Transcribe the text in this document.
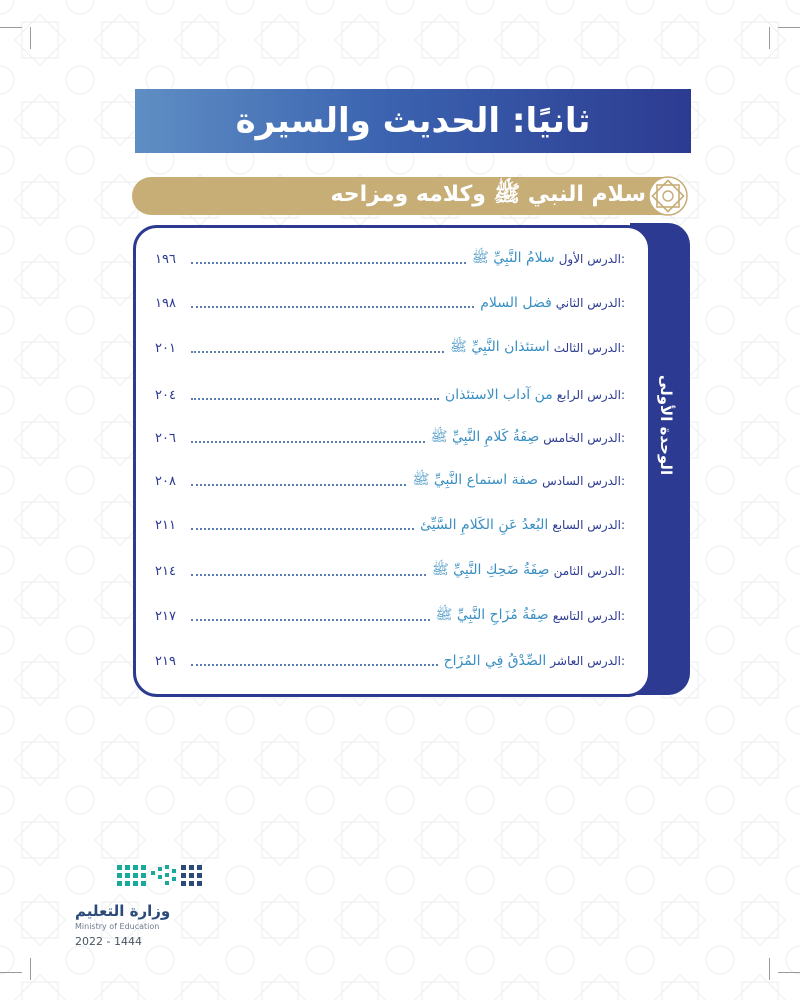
ثانيًا: الحديث والسيرة
سلام النبي ﷺ وكلامه ومزاحه
الوحدة الأولى
الدرس الأول:
سلامُ النَّبِيِّ ﷺ
١٩٦
الدرس الثاني:
فضل السلام
١٩٨
الدرس الثالث:
استئذان النَّبِيِّ ﷺ
٢٠١
الدرس الرابع:
من آداب الاستئذان
٢٠٤
الدرس الخامس:
صِفَةُ كَلامِ النَّبِيِّ ﷺ
٢٠٦
الدرس السادس:
صفة استماع النَّبِيِّ ﷺ
٢٠٨
الدرس السابع:
البُعدُ عَنِ الكَلامِ السَّيِّئ
٢١١
الدرس الثامن:
صِفَةُ ضَحِكِ النَّبِيِّ ﷺ
٢١٤
الدرس التاسع:
صِفَةُ مُزَاحِ النَّبِيِّ ﷺ
٢١٧
الدرس العاشر:
الصِّدْقُ فِي المُزَاح
٢١٩
وزارة التعليم
Ministry of Education
2022 - 1444
